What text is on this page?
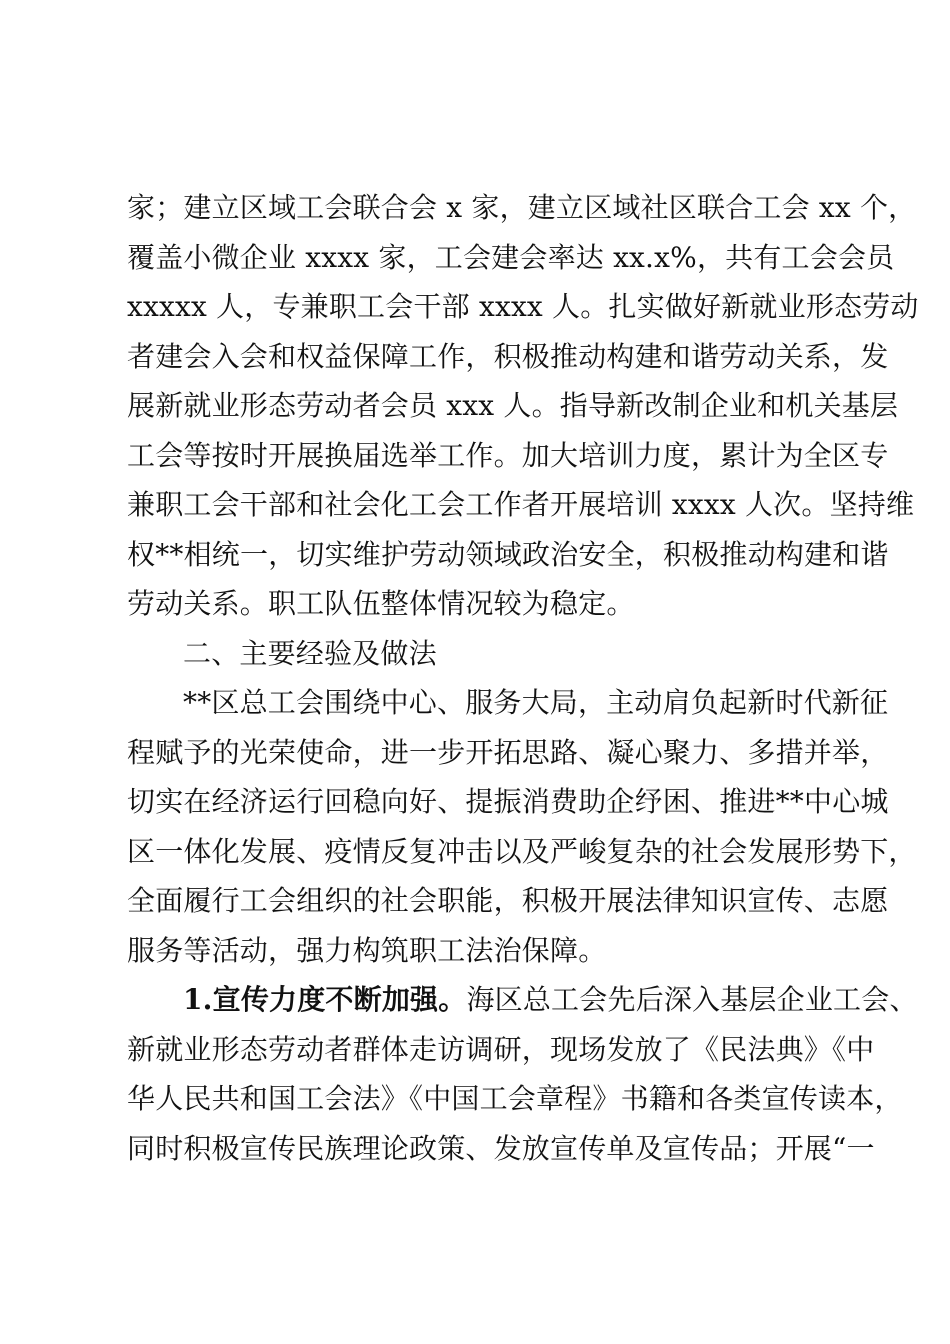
家；建立区域工会联合会 x 家，建立区域社区联合工会 xx 个，
覆盖小微企业 xxxx 家，工会建会率达 xx.x%，共有工会会员
xxxxx 人，专兼职工会干部 xxxx 人。扎实做好新就业形态劳动
者建会入会和权益保障工作，积极推动构建和谐劳动关系，发
展新就业形态劳动者会员 xxx 人。指导新改制企业和机关基层
工会等按时开展换届选举工作。加大培训力度，累计为全区专
兼职工会干部和社会化工会工作者开展培训 xxxx 人次。坚持维
权**相统一，切实维护劳动领域政治安全，积极推动构建和谐
劳动关系。职工队伍整体情况较为稳定。
二、主要经验及做法
**区总工会围绕中心、服务大局，主动肩负起新时代新征
程赋予的光荣使命，进一步开拓思路、凝心聚力、多措并举，
切实在经济运行回稳向好、提振消费助企纾困、推进**中心城
区一体化发展、疫情反复冲击以及严峻复杂的社会发展形势下，
全面履行工会组织的社会职能，积极开展法律知识宣传、志愿
服务等活动，强力构筑职工法治保障。
1.宣传力度不断加强。海区总工会先后深入基层企业工会、
新就业形态劳动者群体走访调研，现场发放了《民法典》《中
华人民共和国工会法》《中国工会章程》书籍和各类宣传读本，
同时积极宣传民族理论政策、发放宣传单及宣传品；开展“一
